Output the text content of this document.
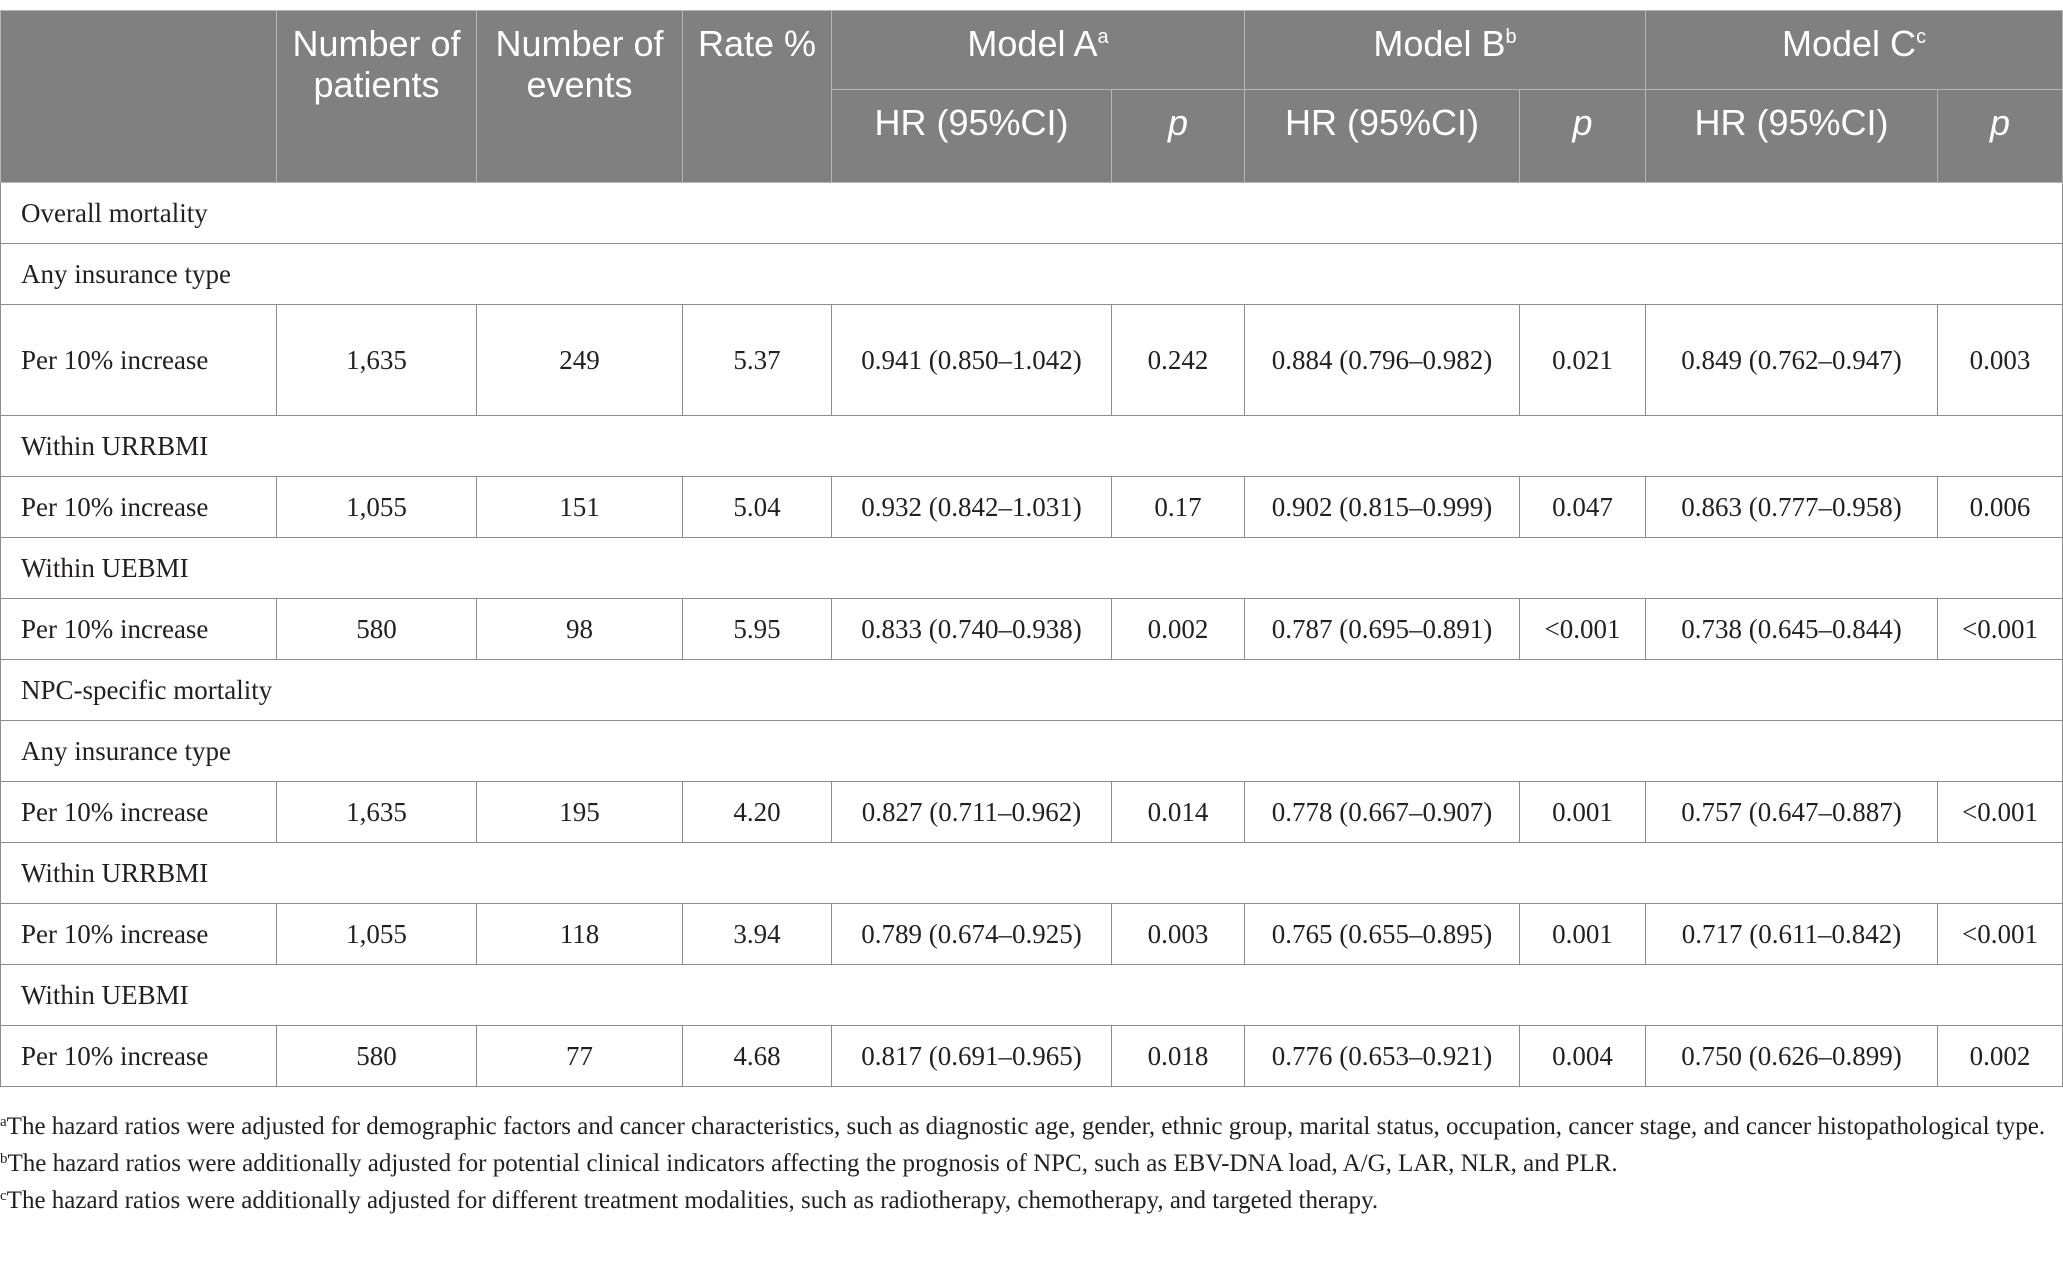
	Number of patients	Number of events	Rate %	Model $A^a$		Model $B^b$		Model $C^c$
				HR (95%CI)	p	HR (95%CI)	p	HR (95%CI)	p
Overall mortality									
Any insurance type									
Per 10% increase	1,635	249	5.37	0.941 (0.850–1.042)	0.242	0.884 (0.796–0.982)	0.021	0.849 (0.762–0.947)	0.003
Within URRBMI									
Per 10% increase	1,055	151	5.04	0.932 (0.842–1.031)	0.17	0.902 (0.815–0.999)	0.047	0.863 (0.777–0.958)	0.006
Within UEBMI									
Per 10% increase	580	98	5.95	0.833 (0.740–0.938)	0.002	0.787 (0.695–0.891)	<0.001	0.738 (0.645–0.844)	<0.001
NPC-specific mortality									
Any insurance type									
Per 10% increase	1,635	195	4.20	0.827 (0.711–0.962)	0.014	0.778 (0.667–0.907)	0.001	0.757 (0.647–0.887)	<0.001
Within URRBMI									
Per 10% increase	1,055	118	3.94	0.789 (0.674–0.925)	0.003	0.765 (0.655–0.895)	0.001	0.717 (0.611–0.842)	<0.001
Within UEBMI									
Per 10% increase	580	77	4.68	0.817 (0.691–0.965)	0.018	0.776 (0.653–0.921)	0.004	0.750 (0.626–0.899)	0.002

$^a$The hazard ratios were adjusted for demographic factors and cancer characteristics, such as diagnostic age, gender, ethnic group, marital status, occupation, cancer stage, and cancer histopathological type.

$^b$The hazard ratios were additionally adjusted for potential clinical indicators affecting the prognosis of NPC, such as EBV-DNA load, A/G, LAR, NLR, and PLR.

$^c$The hazard ratios were additionally adjusted for different treatment modalities, such as radiotherapy, chemotherapy, and targeted therapy.
